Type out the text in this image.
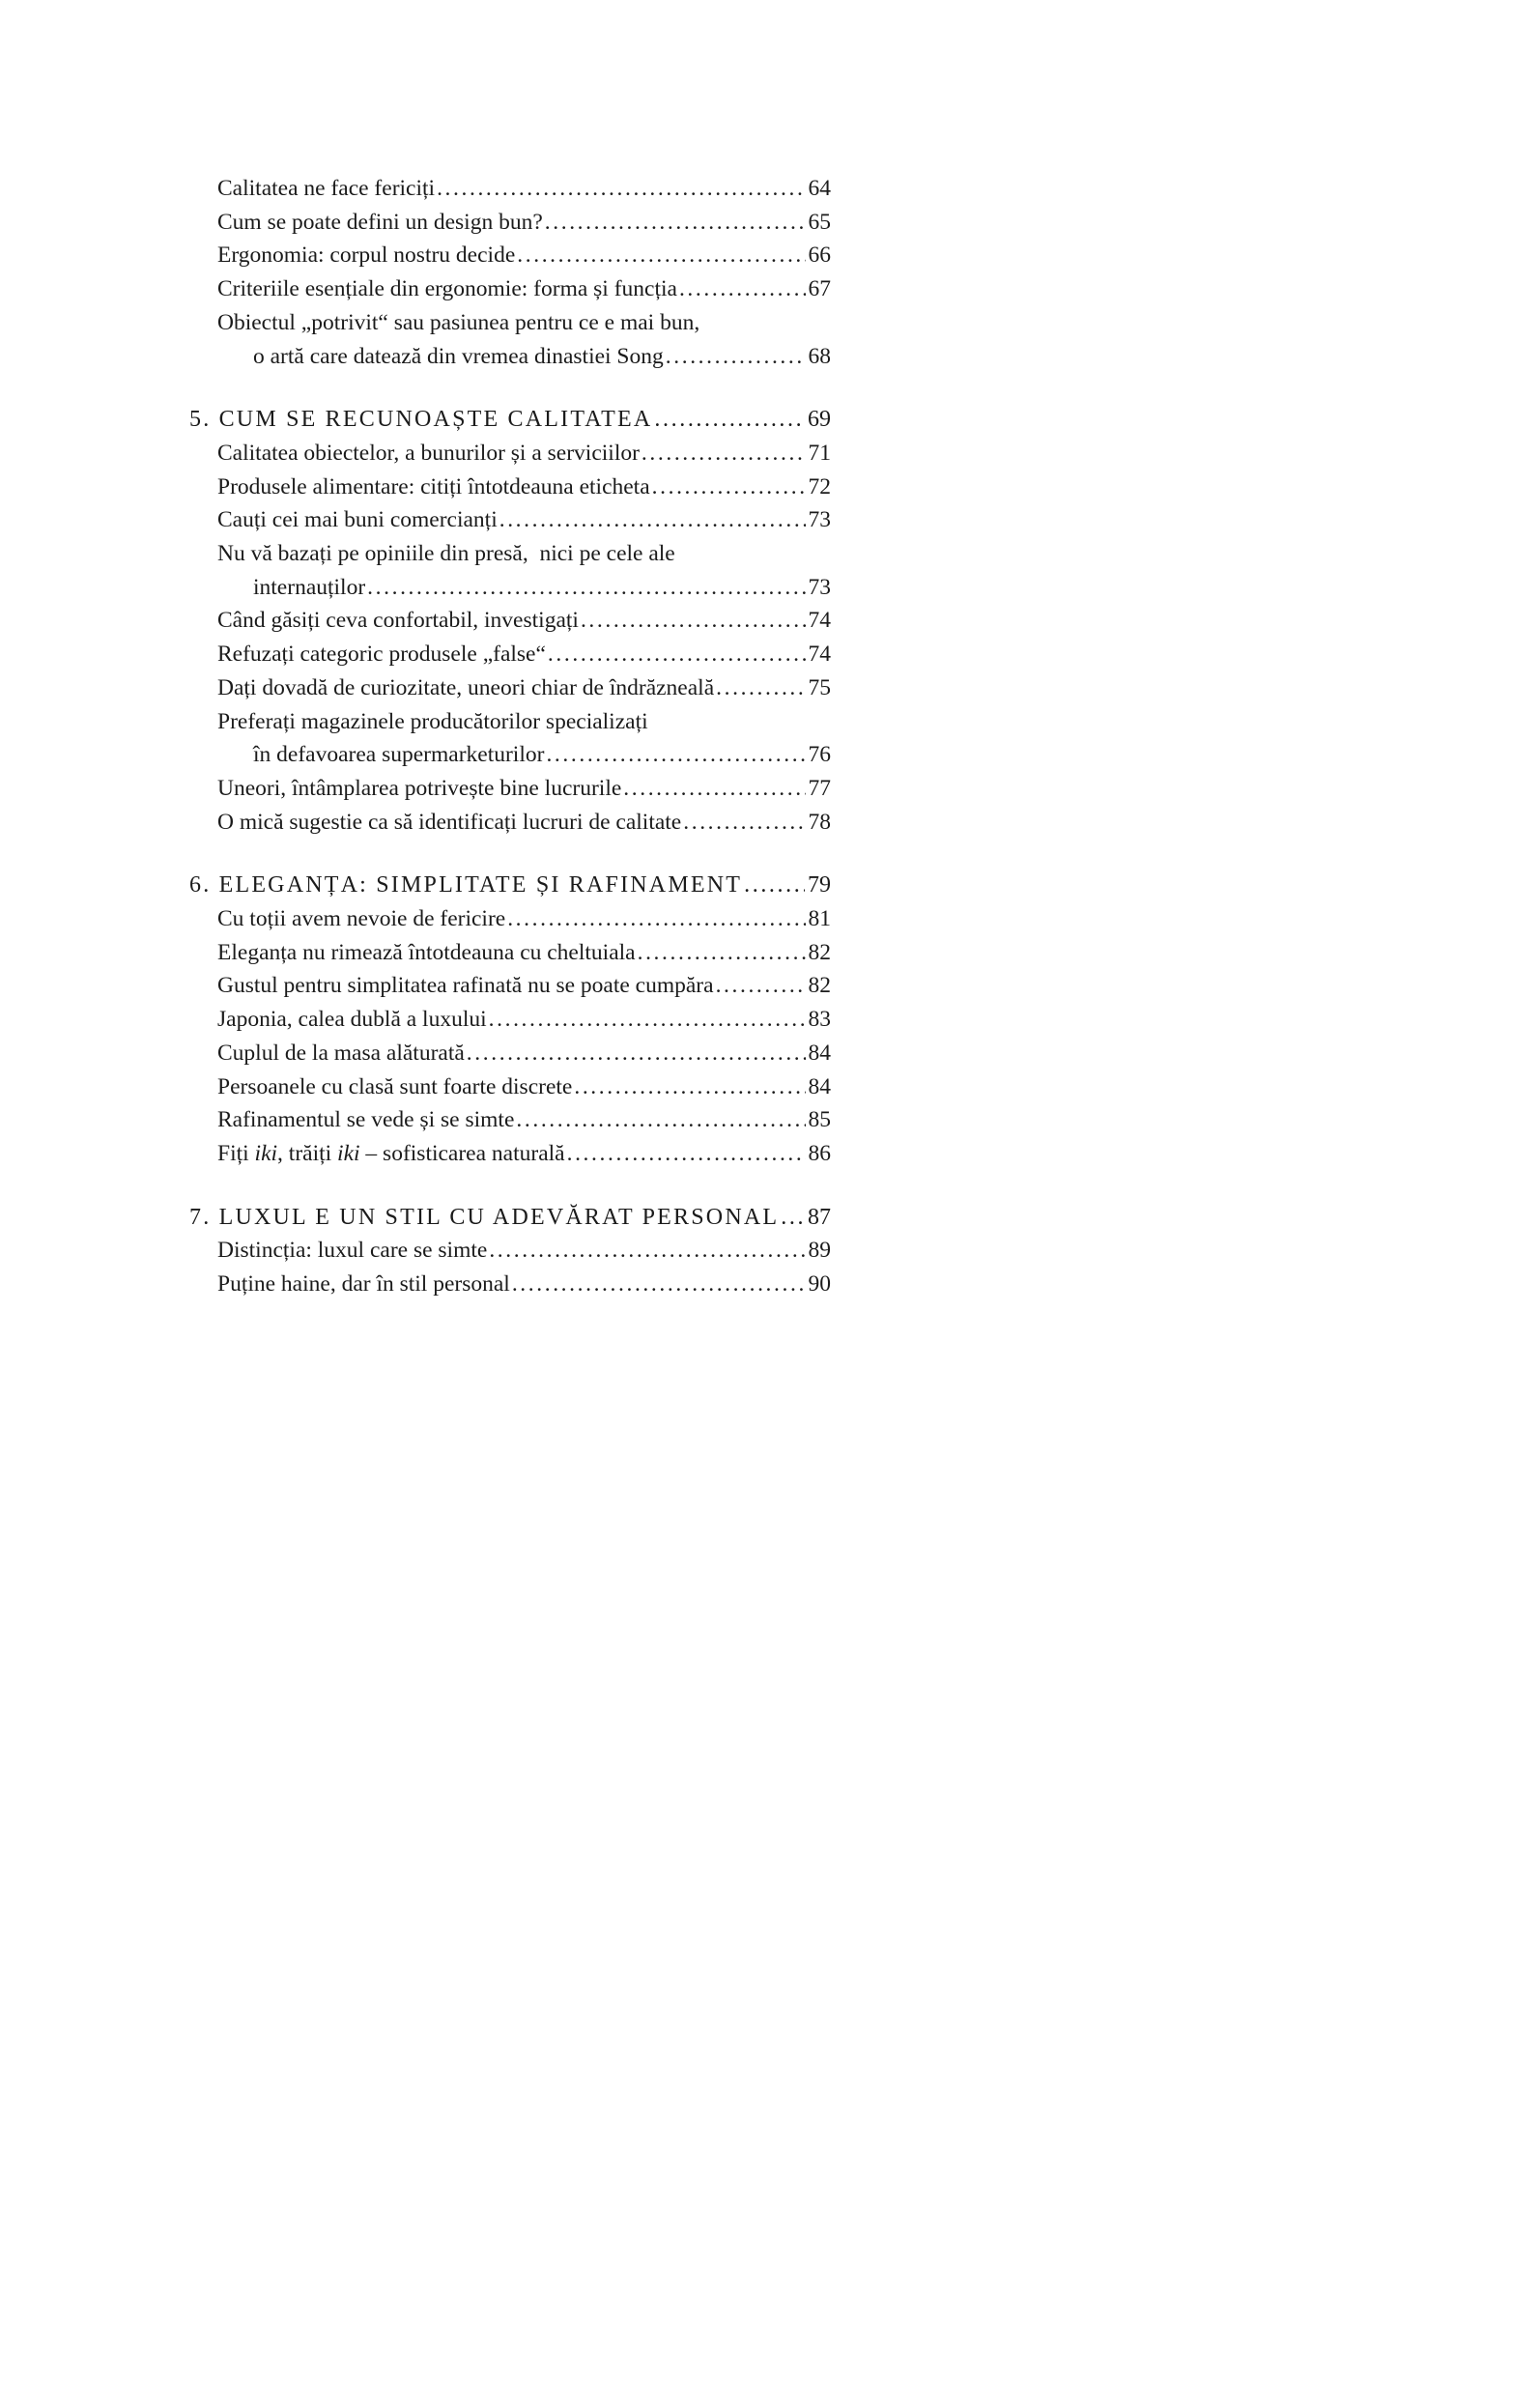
Calitatea ne face fericiți .....	64
Cum se poate defini un design bun? .....	65
Ergonomia: corpul nostru decide .....	66
Criteriile esențiale din ergonomie: forma și funcția .....	67
Obiectul „potrivit“ sau pasiunea pentru ce e mai bun,
o artă care datează din vremea dinastiei Song .....	68
5. CUM SE RECUNOAȘTE CALITATEA .....	69
Calitatea obiectelor, a bunurilor și a serviciilor .....	71
Produsele alimentare: citiți întotdeauna eticheta .....	72
Cauți cei mai buni comercianți .....	73
Nu vă bazați pe opiniile din presă,  nici pe cele ale
internauților .....	73
Când găsiți ceva confortabil, investigați .....	74
Refuzați categoric produsele „false“ .....	74
Dați dovadă de curiozitate, uneori chiar de îndrăzneală .....	75
Preferați magazinele producătorilor specializați
în defavoarea supermarketurilor .....	76
Uneori, întâmplarea potrivește bine lucrurile .....	77
O mică sugestie ca să identificați lucruri de calitate .....	78
6. ELEGANȚA: SIMPLITATE ȘI RAFINAMENT .....	79
Cu toții avem nevoie de fericire .....	81
Eleganța nu rimează întotdeauna cu cheltuiala .....	82
Gustul pentru simplitatea rafinată nu se poate cumpăra .....	82
Japonia, calea dublă a luxului .....	83
Cuplul de la masa alăturată .....	84
Persoanele cu clasă sunt foarte discrete .....	84
Rafinamentul se vede și se simte .....	85
Fiți iki, trăiți iki – sofisticarea naturală .....	86
7. LUXUL E UN STIL CU ADEVĂRAT PERSONAL ..... 87
Distincția: luxul care se simte .....	89
Puține haine, dar în stil personal .....	90
